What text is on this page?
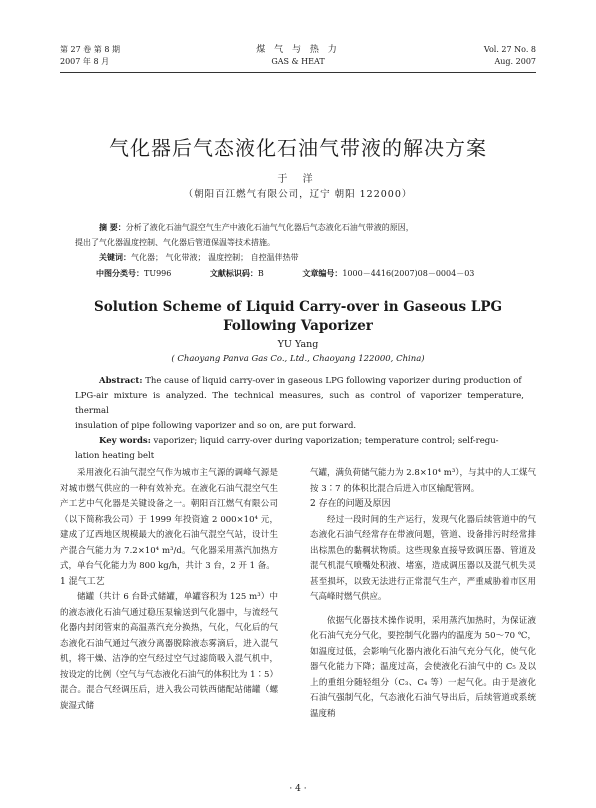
第 27 卷 第 8 期
2007 年 8 月
煤 气 与 热 力
GAS & HEAT
Vol. 27 No. 8
Aug. 2007
气化器后气态液化石油气带液的解决方案
于 洋
（朝阳百江燃气有限公司，辽宁 朝阳 122000）
摘 要：分析了液化石油气混空气生产中液化石油气气化器后气态液化石油气带液的原因，
提出了气化器温度控制、气化器后管道保温等技术措施。
关键词：气化器； 气化带液； 温度控制； 自控温伴热带
中图分类号：TU996	文献标识码：B	文章编号：1000－4416(2007)08－0004－03
Solution Scheme of Liquid Carry-over in Gaseous LPG
Following Vaporizer
YU Yang
( Chaoyang Panva Gas Co., Ltd., Chaoyang 122000, China)
Abstract: The cause of liquid carry-over in gaseous LPG following vaporizer during production of
LPG-air mixture is analyzed. The technical measures, such as control of vaporizer temperature, thermal
insulation of pipe following vaporizer and so on, are put forward.
Key words: vaporizer; liquid carry-over during vaporization; temperature control; self-regu-
lation heating belt

采用液化石油气混空气作为城市主气源的调峰气源是对城市燃气供应的一种有效补充。在液化石油气混空气生产工艺中气化器是关键设备之一。朝阳百江燃气有限公司（以下简称我公司）于 1999 年投资逾 2 000×10⁴ 元，建成了辽西地区规模最大的液化石油气混空气站，设计生产混合气能力为 7.2×10⁴ m³/d。气化器采用蒸汽加热方式，单台气化能力为 800 kg/h，共计 3 台，2 开 1 备。

1 混气工艺

储罐（共计 6 台卧式储罐，单罐容积为 125 m³）中的液态液化石油气通过稳压泵输送到气化器中，与流经气化器内封闭管束的高温蒸汽充分换热，气化，气化后的气态液化石油气通过气液分离器脱除液态雾滴后，进入混气机，将干燥、洁净的空气经过空气过滤筒吸入混气机中，按设定的比例（空气与气态液化石油气的体积比为 1∶5）混合。混合气经调压后，进入我公司铁西储配站储罐（螺旋湿式储

气罐，满负荷储气能力为 2.8×10⁴ m³），与其中的人工煤气按 3∶7 的体积比混合后进入市区输配管网。

2 存在的问题及原因

经过一段时间的生产运行，发现气化器后续管道中的气态液化石油气经常存在带液问题，管道、设备排污时经常排出棕黑色的黏稠状物质。这些现象直接导致调压器、管道及混气机混气喷嘴处积液、堵塞，造成调压器以及混气机失灵甚至损坏，以致无法进行正常混气生产，严重威胁着市区用气高峰时燃气供应。

依据气化器技术操作说明，采用蒸汽加热时，为保证液化石油气充分气化，要控制气化器内的温度为 50～70 ℃，如温度过低，会影响气化器内液化石油气充分气化，使气化器气化能力下降；温度过高，会使液化石油气中的 C₅ 及以上的重组分随轻组分（C₃、C₄ 等）一起气化。由于是液化石油气强制气化，气态液化石油气导出后，后续管道或系统温度稍

· 4 ·
